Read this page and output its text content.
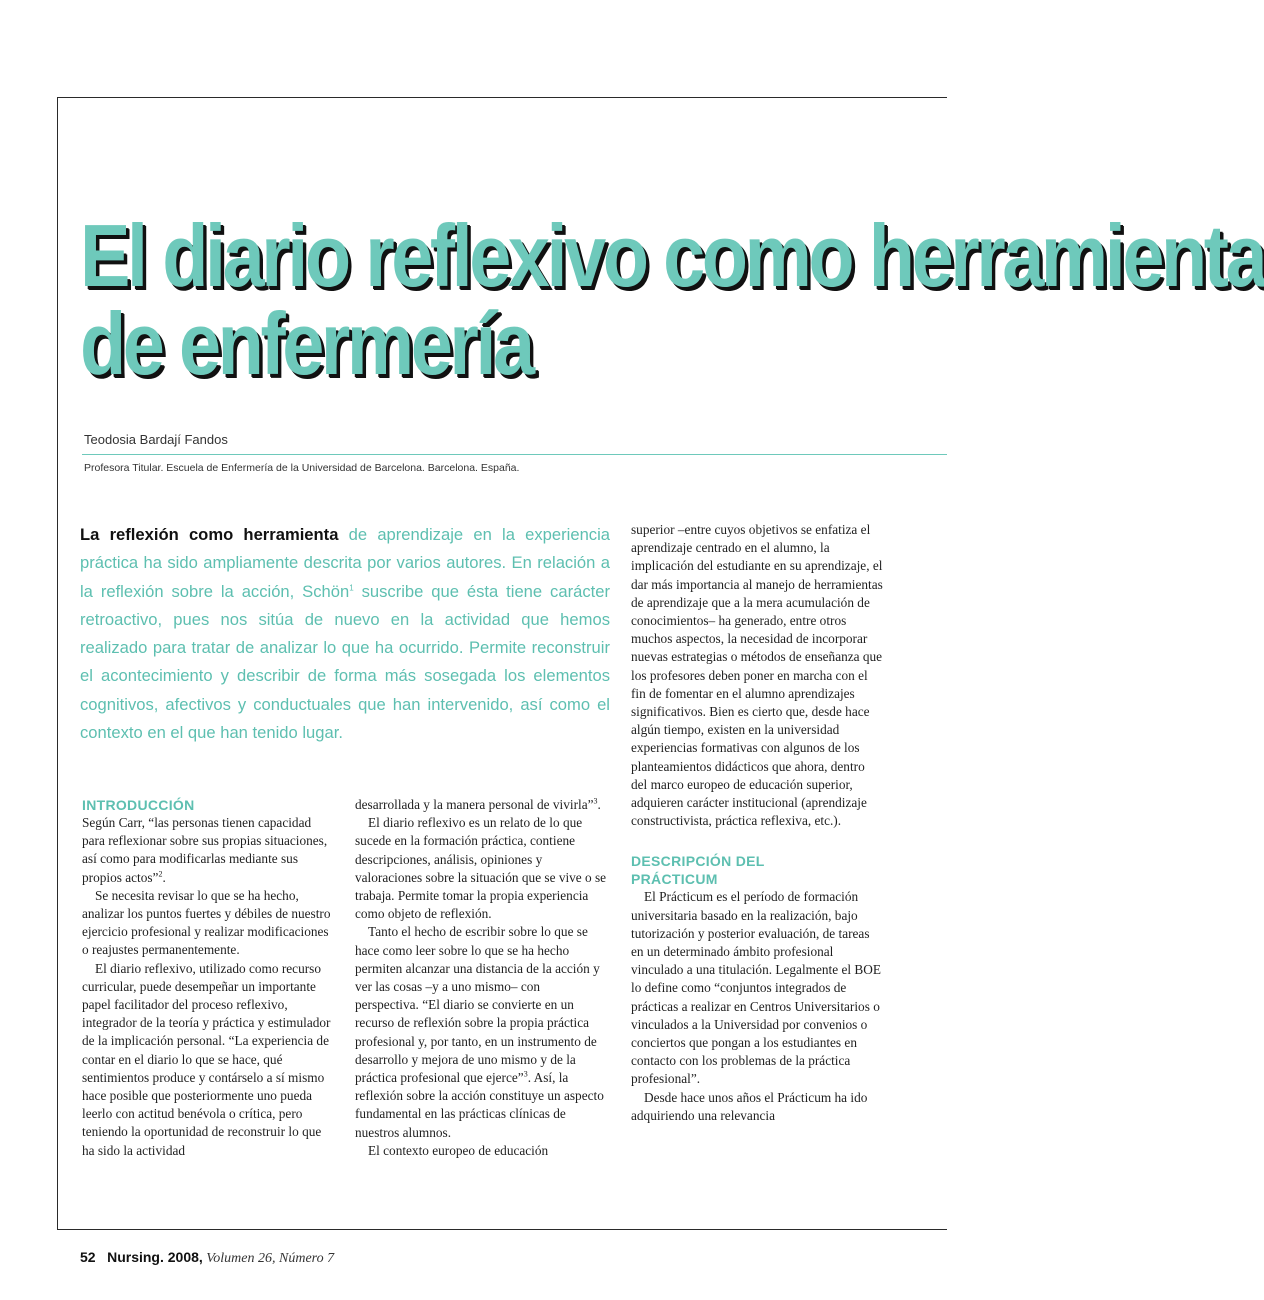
El diario reflexivo como herramienta
de enfermería
Teodosia Bardají Fandos
Profesora Titular. Escuela de Enfermería de la Universidad de Barcelona. Barcelona. España.

La reflexión como herramienta de aprendizaje en la experiencia práctica ha sido ampliamente descrita por varios autores. En relación a la reflexión sobre la acción, Schön$^1$ suscribe que ésta tiene carácter retroactivo, pues nos sitúa de nuevo en la actividad que hemos realizado para tratar de analizar lo que ha ocurrido. Permite reconstruir el acontecimiento y describir de forma más sosegada los elementos cognitivos, afectivos y conductuales que han intervenido, así como el contexto en el que han tenido lugar.

INTRODUCCIÓN

Según Carr, “las personas tienen capacidad para reflexionar sobre sus propias situaciones, así como para modificarlas mediante sus propios actos”$^2$.

Se necesita revisar lo que se ha hecho, analizar los puntos fuertes y débiles de nuestro ejercicio profesional y realizar modificaciones o reajustes permanentemente.

El diario reflexivo, utilizado como recurso curricular, puede desempeñar un importante papel facilitador del proceso reflexivo, integrador de la teoría y práctica y estimulador de la implicación personal. “La experiencia de contar en el diario lo que se hace, qué sentimientos produce y contárselo a sí mismo hace posible que posteriormente uno pueda leerlo con actitud benévola o crítica, pero teniendo la oportunidad de reconstruir lo que ha sido la actividad

desarrollada y la manera personal de vivirla”$^3$.

El diario reflexivo es un relato de lo que sucede en la formación práctica, contiene descripciones, análisis, opiniones y valoraciones sobre la situación que se vive o se trabaja. Permite tomar la propia experiencia como objeto de reflexión.

Tanto el hecho de escribir sobre lo que se hace como leer sobre lo que se ha hecho permiten alcanzar una distancia de la acción y ver las cosas –y a uno mismo– con perspectiva. “El diario se convierte en un recurso de reflexión sobre la propia práctica profesional y, por tanto, en un instrumento de desarrollo y mejora de uno mismo y de la práctica profesional que ejerce”$^3$. Así, la reflexión sobre la acción constituye un aspecto fundamental en las prácticas clínicas de nuestros alumnos.

El contexto europeo de educación

superior –entre cuyos objetivos se enfatiza el aprendizaje centrado en el alumno, la implicación del estudiante en su aprendizaje, el dar más importancia al manejo de herramientas de aprendizaje que a la mera acumulación de conocimientos– ha generado, entre otros muchos aspectos, la necesidad de incorporar nuevas estrategias o métodos de enseñanza que los profesores deben poner en marcha con el fin de fomentar en el alumno aprendizajes significativos. Bien es cierto que, desde hace algún tiempo, existen en la universidad experiencias formativas con algunos de los planteamientos didácticos que ahora, dentro del marco europeo de educación superior, adquieren carácter institucional (aprendizaje constructivista, práctica reflexiva, etc.).

DESCRIPCIÓN DEL
PRÁCTICUM

El Prácticum es el período de formación universitaria basado en la realización, bajo tutorización y posterior evaluación, de tareas en un determinado ámbito profesional vinculado a una titulación. Legalmente el BOE lo define como “conjuntos integrados de prácticas a realizar en Centros Universitarios o vinculados a la Universidad por convenios o conciertos que pongan a los estudiantes en contacto con los problemas de la práctica profesional”.

Desde hace unos años el Prácticum ha ido adquiriendo una relevancia

52 Nursing. 2008, Volumen 26, Número 7
